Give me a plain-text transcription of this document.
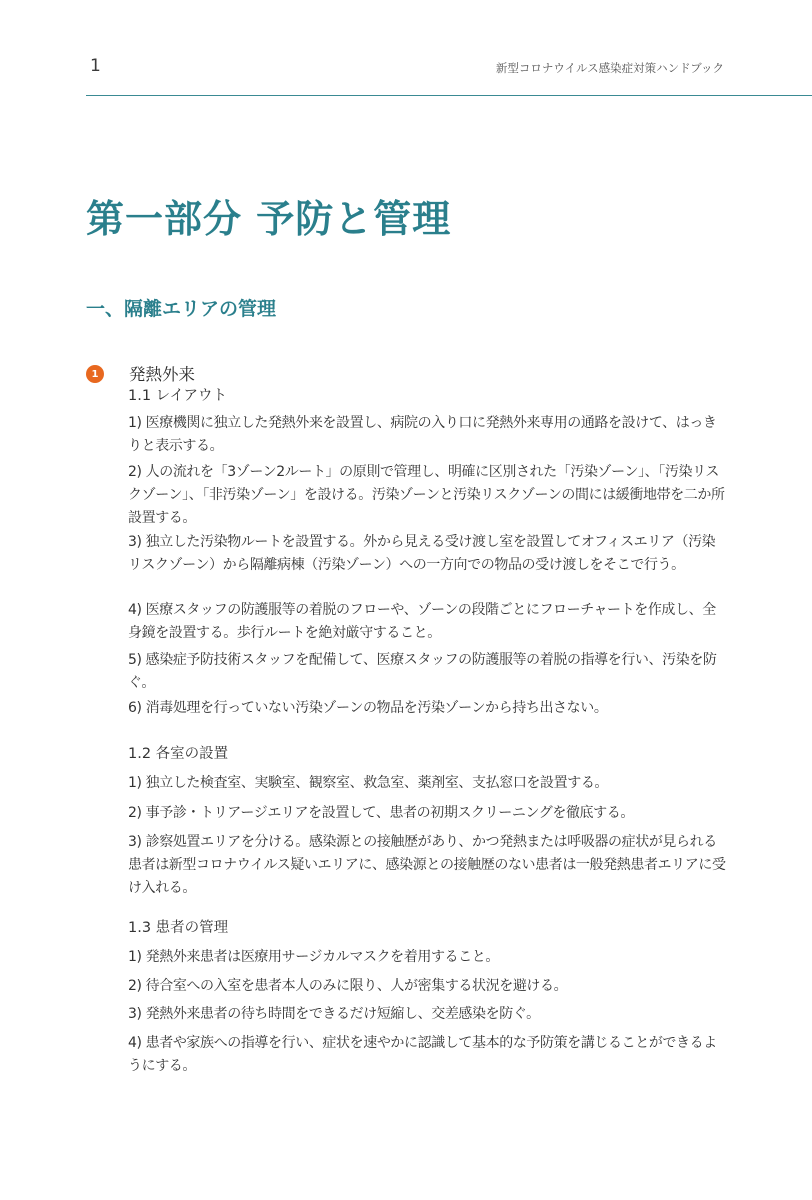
1	新型コロナウイルス感染症対策ハンドブック
第一部分 予防と管理
一、隔離エリアの管理
1	発熱外来
1.1 レイアウト

1) 医療機関に独立した発熱外来を設置し、病院の入り口に発熱外来専用の通路を設けて、はっきりと表示する。

2) 人の流れを「3ゾーン2ルート」の原則で管理し、明確に区別された「汚染ゾーン」、「汚染リスクゾーン」、「非汚染ゾーン」を設ける。汚染ゾーンと汚染リスクゾーンの間には緩衝地帯を二か所設置する。

3) 独立した汚染物ルートを設置する。外から見える受け渡し室を設置してオフィスエリア（汚染リスクゾーン）から隔離病棟（汚染ゾーン）への一方向での物品の受け渡しをそこで行う。

4) 医療スタッフの防護服等の着脱のフローや、ゾーンの段階ごとにフローチャートを作成し、全身鏡を設置する。歩行ルートを絶対厳守すること。

5) 感染症予防技術スタッフを配備して、医療スタッフの防護服等の着脱の指導を行い、汚染を防ぐ。

6) 消毒処理を行っていない汚染ゾーンの物品を汚染ゾーンから持ち出さない。

1.2 各室の設置

1) 独立した検査室、実験室、観察室、救急室、薬剤室、支払窓口を設置する。

2) 事予診・トリアージエリアを設置して、患者の初期スクリーニングを徹底する。

3) 診察処置エリアを分ける。感染源との接触歴があり、かつ発熱または呼吸器の症状が見られる患者は新型コロナウイルス疑いエリアに、感染源との接触歴のない患者は一般発熱患者エリアに受け入れる。

1.3 患者の管理

1) 発熱外来患者は医療用サージカルマスクを着用すること。

2) 待合室への入室を患者本人のみに限り、人が密集する状況を避ける。

3) 発熱外来患者の待ち時間をできるだけ短縮し、交差感染を防ぐ。

4) 患者や家族への指導を行い、症状を速やかに認識して基本的な予防策を講じることができるようにする。
